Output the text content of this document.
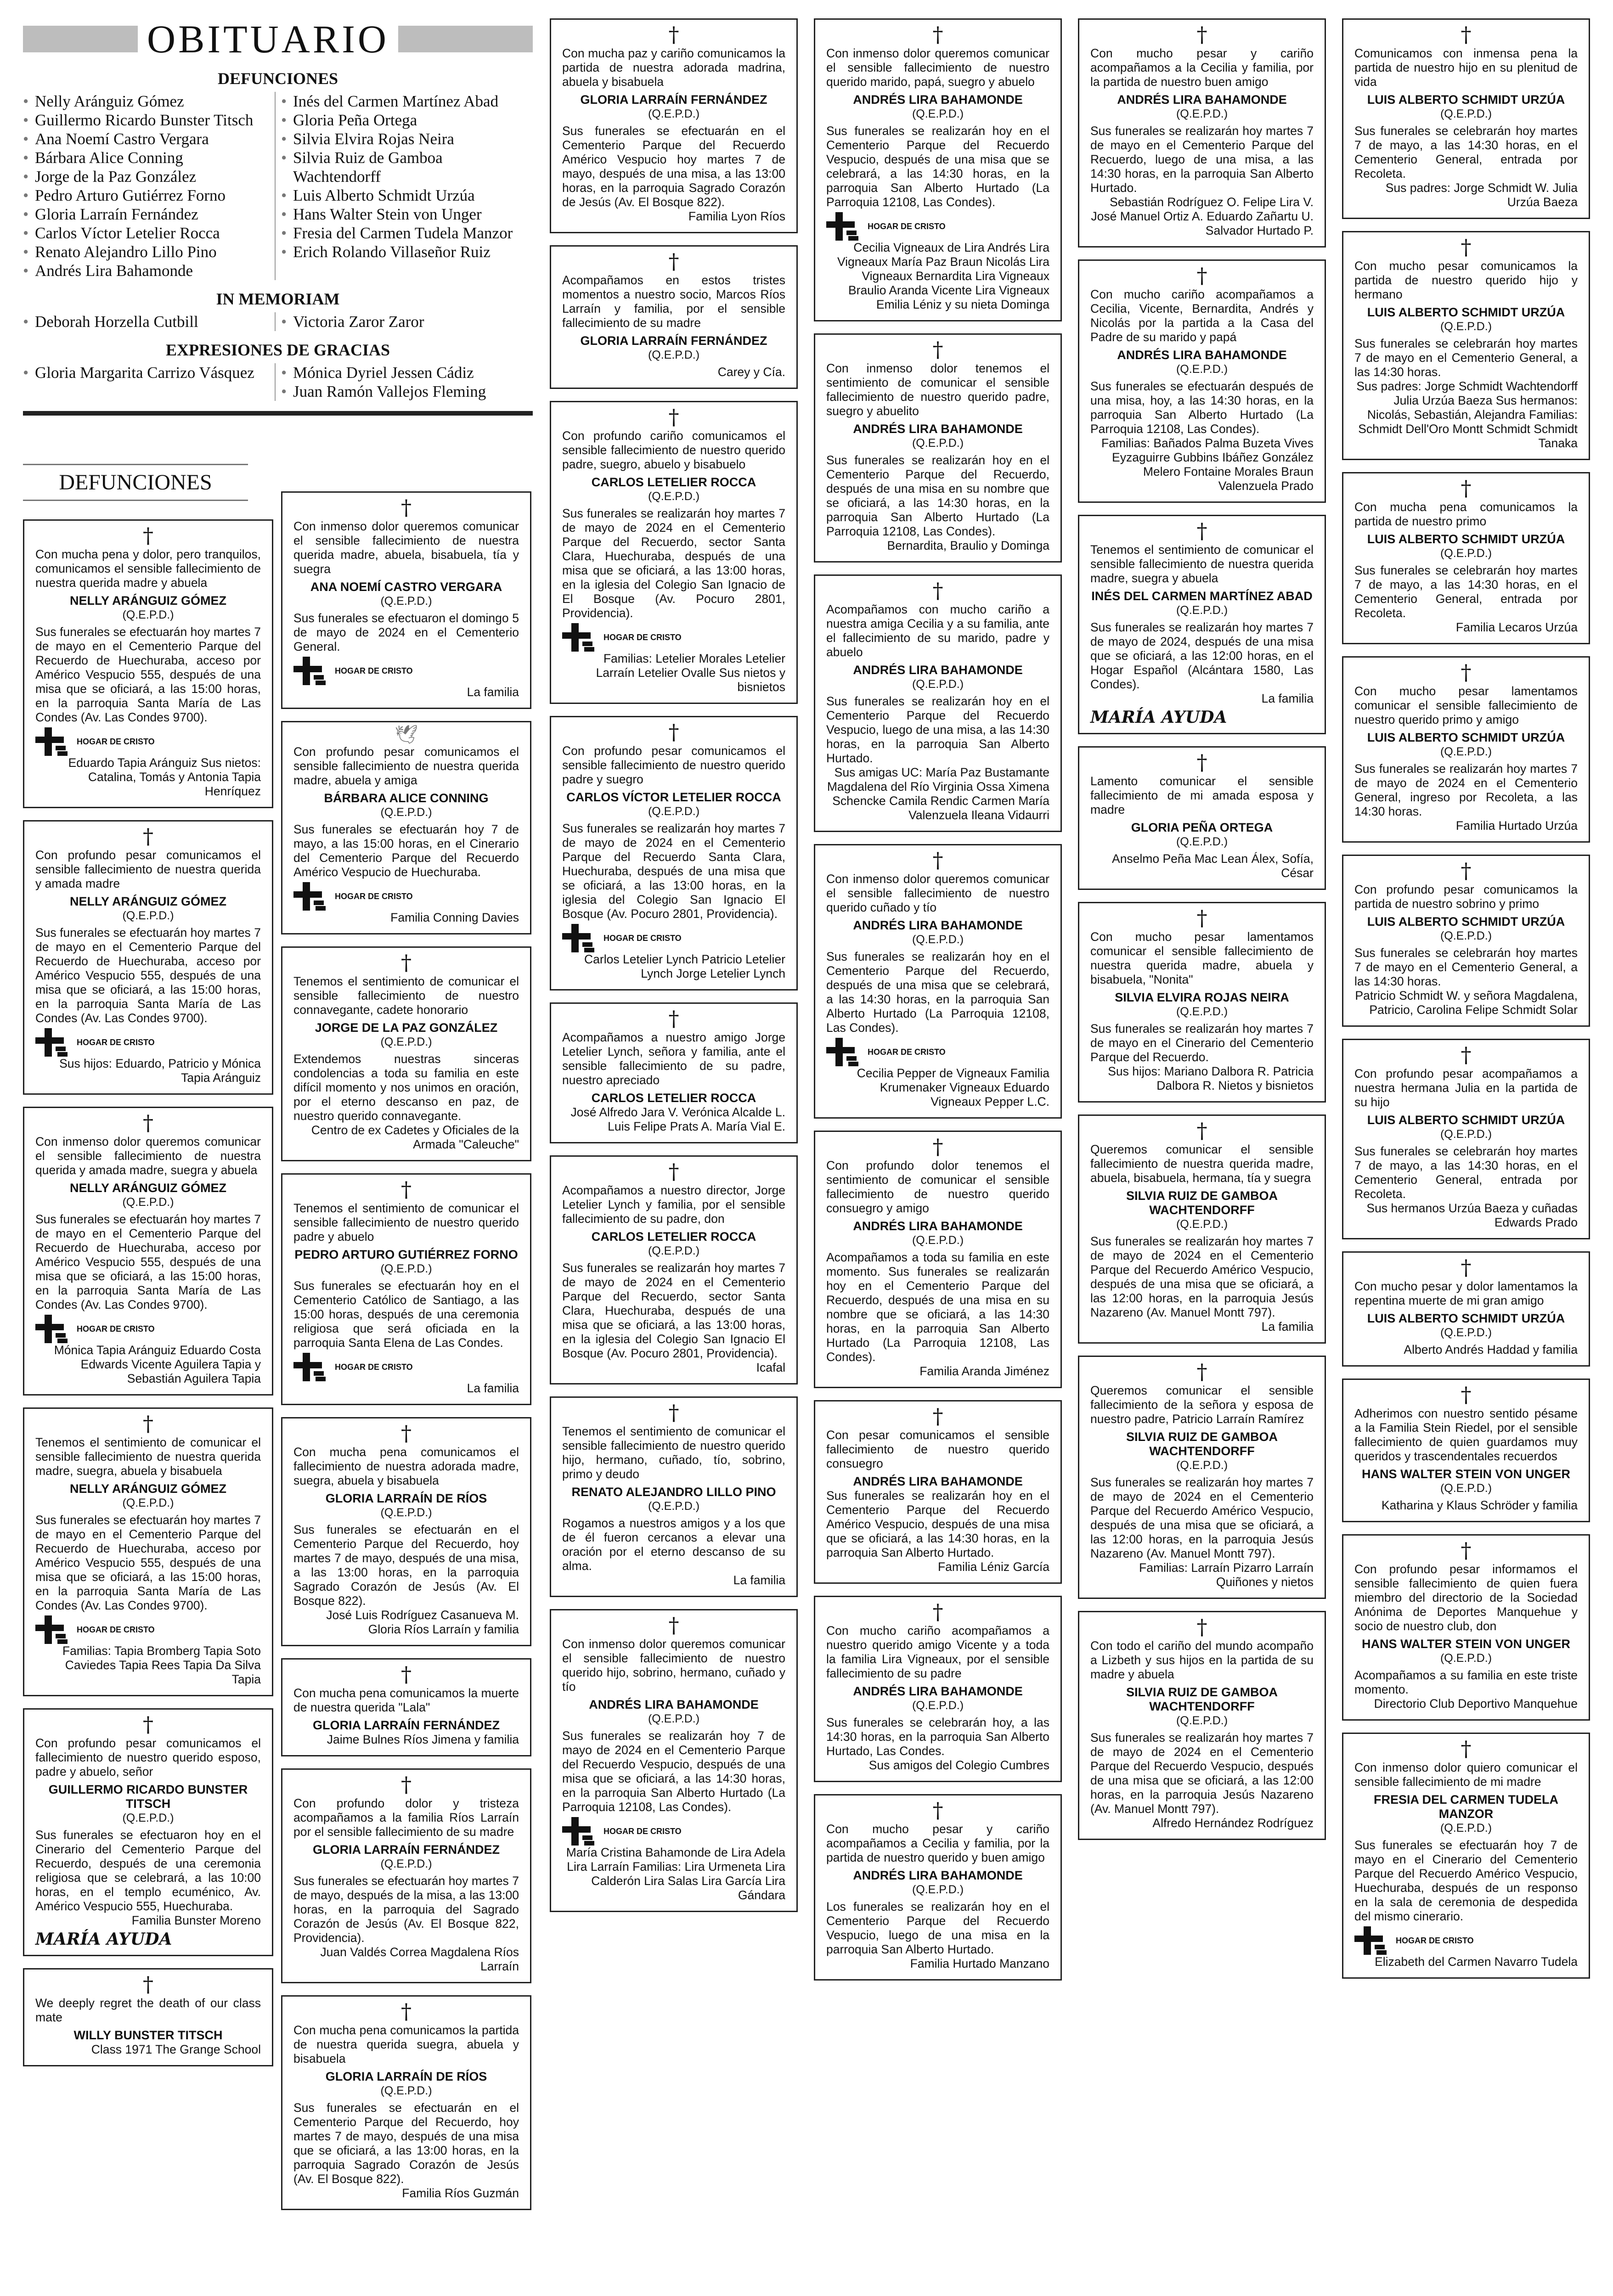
OBITUARIO
DEFUNCIONES
• Nelly Aránguiz Gómez
• Guillermo Ricardo Bunster Titsch
• Ana Noemí Castro Vergara
• Bárbara Alice Conning
• Jorge de la Paz González
• Pedro Arturo Gutiérrez Forno
• Gloria Larraín Fernández
• Carlos Víctor Letelier Rocca
• Renato Alejandro Lillo Pino
• Andrés Lira Bahamonde
• Inés del Carmen Martínez Abad
• Gloria Peña Ortega
• Silvia Elvira Rojas Neira
• Silvia Ruiz de Gamboa Wachtendorff
• Luis Alberto Schmidt Urzúa
• Hans Walter Stein von Unger
• Fresia del Carmen Tudela Manzor
• Erich Rolando Villaseñor Ruiz
IN MEMORIAM
• Deborah Horzella Cutbill	• Victoria Zaror Zaror
EXPRESIONES DE GRACIAS
• Gloria Margarita Carrizo Vásquez	• Mónica Dyriel Jessen Cádiz
• Juan Ramón Vallejos Fleming
DEFUNCIONES
†
Con mucha pena y dolor, pero tranquilos, comunicamos el sensible fallecimiento de nuestra querida madre y abuela
NELLY ARÁNGUIZ GÓMEZ
(Q.E.P.D.)
Sus funerales se efectuarán hoy martes 7 de mayo en el Cementerio Parque del Recuerdo de Huechuraba, acceso por Américo Vespucio 555, después de una misa que se oficiará, a las 15:00 horas, en la parroquia Santa María de Las Condes (Av. Las Condes 9700).
HOGAR DE CRISTO
Eduardo Tapia Aránguiz Sus nietos: Catalina, Tomás y Antonia Tapia Henríquez
†
Con profundo pesar comunicamos el sensible fallecimiento de nuestra querida y amada madre
NELLY ARÁNGUIZ GÓMEZ
(Q.E.P.D.)
Sus funerales se efectuarán hoy martes 7 de mayo en el Cementerio Parque del Recuerdo de Huechuraba, acceso por Américo Vespucio 555, después de una misa que se oficiará, a las 15:00 horas, en la parroquia Santa María de Las Condes (Av. Las Condes 9700).
HOGAR DE CRISTO
Sus hijos: Eduardo, Patricio y Mónica Tapia Aránguiz
†
Con inmenso dolor queremos comunicar el sensible fallecimiento de nuestra querida y amada madre, suegra y abuela
NELLY ARÁNGUIZ GÓMEZ
(Q.E.P.D.)
Sus funerales se efectuarán hoy martes 7 de mayo en el Cementerio Parque del Recuerdo de Huechuraba, acceso por Américo Vespucio 555, después de una misa que se oficiará, a las 15:00 horas, en la parroquia Santa María de Las Condes (Av. Las Condes 9700).
HOGAR DE CRISTO
Mónica Tapia Aránguiz Eduardo Costa Edwards Vicente Aguilera Tapia y Sebastián Aguilera Tapia
†
Tenemos el sentimiento de comunicar el sensible fallecimiento de nuestra querida madre, suegra, abuela y bisabuela
NELLY ARÁNGUIZ GÓMEZ
(Q.E.P.D.)
Sus funerales se efectuarán hoy martes 7 de mayo en el Cementerio Parque del Recuerdo de Huechuraba, acceso por Américo Vespucio 555, después de una misa que se oficiará, a las 15:00 horas, en la parroquia Santa María de Las Condes (Av. Las Condes 9700).
HOGAR DE CRISTO
Familias: Tapia Bromberg Tapia Soto Caviedes Tapia Rees Tapia Da Silva Tapia
†
Con profundo pesar comunicamos el fallecimiento de nuestro querido esposo, padre y abuelo, señor
GUILLERMO RICARDO BUNSTER TITSCH
(Q.E.P.D.)
Sus funerales se efectuaron hoy en el Cinerario del Cementerio Parque del Recuerdo, después de una ceremonia religiosa que se celebrará, a las 10:00 horas, en el templo ecuménico, Av. Américo Vespucio 555, Huechuraba.
Familia Bunster Moreno
MARÍA AYUDA
†
We deeply regret the death of our class mate
WILLY BUNSTER TITSCH
Class 1971 The Grange School
†
Con inmenso dolor queremos comunicar el sensible fallecimiento de nuestra querida madre, abuela, bisabuela, tía y suegra
ANA NOEMÍ CASTRO VERGARA
(Q.E.P.D.)
Sus funerales se efectuaron el domingo 5 de mayo de 2024 en el Cementerio General.
HOGAR DE CRISTO
La familia
🕊
Con profundo pesar comunicamos el sensible fallecimiento de nuestra querida madre, abuela y amiga
BÁRBARA ALICE CONNING
(Q.E.P.D.)
Sus funerales se efectuarán hoy 7 de mayo, a las 15:00 horas, en el Cinerario del Cementerio Parque del Recuerdo Américo Vespucio de Huechuraba.
HOGAR DE CRISTO
Familia Conning Davies
†
Tenemos el sentimiento de comunicar el sensible fallecimiento de nuestro connavegante, cadete honorario
JORGE DE LA PAZ GONZÁLEZ
(Q.E.P.D.)
Extendemos nuestras sinceras condolencias a toda su familia en este difícil momento y nos unimos en oración, por el eterno descanso en paz, de nuestro querido connavegante.
Centro de ex Cadetes y Oficiales de la Armada "Caleuche"
†
Tenemos el sentimiento de comunicar el sensible fallecimiento de nuestro querido padre y abuelo
PEDRO ARTURO GUTIÉRREZ FORNO
(Q.E.P.D.)
Sus funerales se efectuarán hoy en el Cementerio Católico de Santiago, a las 15:00 horas, después de una ceremonia religiosa que será oficiada en la parroquia Santa Elena de Las Condes.
HOGAR DE CRISTO
La familia
†
Con mucha pena comunicamos el fallecimiento de nuestra adorada madre, suegra, abuela y bisabuela
GLORIA LARRAÍN DE RÍOS
(Q.E.P.D.)
Sus funerales se efectuarán en el Cementerio Parque del Recuerdo, hoy martes 7 de mayo, después de una misa, a las 13:00 horas, en la parroquia Sagrado Corazón de Jesús (Av. El Bosque 822).
José Luis Rodríguez Casanueva M. Gloria Ríos Larraín y familia
†
Con mucha pena comunicamos la muerte de nuestra querida "Lala"
GLORIA LARRAÍN FERNÁNDEZ
Jaime Bulnes Ríos Jimena y familia
†
Con profundo dolor y tristeza acompañamos a la familia Ríos Larraín por el sensible fallecimiento de su madre
GLORIA LARRAÍN FERNÁNDEZ
(Q.E.P.D.)
Sus funerales se efectuarán hoy martes 7 de mayo, después de la misa, a las 13:00 horas, en la parroquia del Sagrado Corazón de Jesús (Av. El Bosque 822, Providencia).
Juan Valdés Correa Magdalena Ríos Larraín
†
Con mucha pena comunicamos la partida de nuestra querida suegra, abuela y bisabuela
GLORIA LARRAÍN DE RÍOS
(Q.E.P.D.)
Sus funerales se efectuarán en el Cementerio Parque del Recuerdo, hoy martes 7 de mayo, después de una misa que se oficiará, a las 13:00 horas, en la parroquia Sagrado Corazón de Jesús (Av. El Bosque 822).
Familia Ríos Guzmán
†
Con mucha paz y cariño comunicamos la partida de nuestra adorada madrina, abuela y bisabuela
GLORIA LARRAÍN FERNÁNDEZ
(Q.E.P.D.)
Sus funerales se efectuarán en el Cementerio Parque del Recuerdo Américo Vespucio hoy martes 7 de mayo, después de una misa, a las 13:00 horas, en la parroquia Sagrado Corazón de Jesús (Av. El Bosque 822).
Familia Lyon Ríos
†
Acompañamos en estos tristes momentos a nuestro socio, Marcos Ríos Larraín y familia, por el sensible fallecimiento de su madre
GLORIA LARRAÍN FERNÁNDEZ
(Q.E.P.D.)
Carey y Cía.
†
Con profundo cariño comunicamos el sensible fallecimiento de nuestro querido padre, suegro, abuelo y bisabuelo
CARLOS LETELIER ROCCA
(Q.E.P.D.)
Sus funerales se realizarán hoy martes 7 de mayo de 2024 en el Cementerio Parque del Recuerdo, sector Santa Clara, Huechuraba, después de una misa que se oficiará, a las 13:00 horas, en la iglesia del Colegio San Ignacio de El Bosque (Av. Pocuro 2801, Providencia).
HOGAR DE CRISTO
Familias: Letelier Morales Letelier Larraín Letelier Ovalle Sus nietos y bisnietos
†
Con profundo pesar comunicamos el sensible fallecimiento de nuestro querido padre y suegro
CARLOS VÍCTOR LETELIER ROCCA
(Q.E.P.D.)
Sus funerales se realizarán hoy martes 7 de mayo de 2024 en el Cementerio Parque del Recuerdo Santa Clara, Huechuraba, después de una misa que se oficiará, a las 13:00 horas, en la iglesia del Colegio San Ignacio El Bosque (Av. Pocuro 2801, Providencia).
HOGAR DE CRISTO
Carlos Letelier Lynch Patricio Letelier Lynch Jorge Letelier Lynch
†
Acompañamos a nuestro amigo Jorge Letelier Lynch, señora y familia, ante el sensible fallecimiento de su padre, nuestro apreciado
CARLOS LETELIER ROCCA
José Alfredo Jara V. Verónica Alcalde L. Luis Felipe Prats A. María Vial E.
†
Acompañamos a nuestro director, Jorge Letelier Lynch y familia, por el sensible fallecimiento de su padre, don
CARLOS LETELIER ROCCA
(Q.E.P.D.)
Sus funerales se realizarán hoy martes 7 de mayo de 2024 en el Cementerio Parque del Recuerdo, sector Santa Clara, Huechuraba, después de una misa que se oficiará, a las 13:00 horas, en la iglesia del Colegio San Ignacio El Bosque (Av. Pocuro 2801, Providencia).
Icafal
†
Tenemos el sentimiento de comunicar el sensible fallecimiento de nuestro querido hijo, hermano, cuñado, tío, sobrino, primo y deudo
RENATO ALEJANDRO LILLO PINO
(Q.E.P.D.)
Rogamos a nuestros amigos y a los que de él fueron cercanos a elevar una oración por el eterno descanso de su alma.
La familia
†
Con inmenso dolor queremos comunicar el sensible fallecimiento de nuestro querido hijo, sobrino, hermano, cuñado y tío
ANDRÉS LIRA BAHAMONDE
(Q.E.P.D.)
Sus funerales se realizarán hoy 7 de mayo de 2024 en el Cementerio Parque del Recuerdo Vespucio, después de una misa que se oficiará, a las 14:30 horas, en la parroquia San Alberto Hurtado (La Parroquia 12108, Las Condes).
HOGAR DE CRISTO
María Cristina Bahamonde de Lira Adela Lira Larraín Familias: Lira Urmeneta Lira Calderón Lira Salas Lira García Lira Gándara
†
Con inmenso dolor queremos comunicar el sensible fallecimiento de nuestro querido marido, papá, suegro y abuelo
ANDRÉS LIRA BAHAMONDE
(Q.E.P.D.)
Sus funerales se realizarán hoy en el Cementerio Parque del Recuerdo Vespucio, después de una misa que se celebrará, a las 14:30 horas, en la parroquia San Alberto Hurtado (La Parroquia 12108, Las Condes).
HOGAR DE CRISTO
Cecilia Vigneaux de Lira Andrés Lira Vigneaux María Paz Braun Nicolás Lira Vigneaux Bernardita Lira Vigneaux Braulio Aranda Vicente Lira Vigneaux Emilia Léniz y su nieta Dominga
†
Con inmenso dolor tenemos el sentimiento de comunicar el sensible fallecimiento de nuestro querido padre, suegro y abuelito
ANDRÉS LIRA BAHAMONDE
(Q.E.P.D.)
Sus funerales se realizarán hoy en el Cementerio Parque del Recuerdo, después de una misa en su nombre que se oficiará, a las 14:30 horas, en la parroquia San Alberto Hurtado (La Parroquia 12108, Las Condes).
Bernardita, Braulio y Dominga
†
Acompañamos con mucho cariño a nuestra amiga Cecilia y a su familia, ante el fallecimiento de su marido, padre y abuelo
ANDRÉS LIRA BAHAMONDE
(Q.E.P.D.)
Sus funerales se realizarán hoy en el Cementerio Parque del Recuerdo Vespucio, luego de una misa, a las 14:30 horas, en la parroquia San Alberto Hurtado.
Sus amigas UC: María Paz Bustamante Magdalena del Río Virginia Ossa Ximena Schencke Camila Rendic Carmen María Valenzuela Ileana Vidaurri
†
Con inmenso dolor queremos comunicar el sensible fallecimiento de nuestro querido cuñado y tío
ANDRÉS LIRA BAHAMONDE
(Q.E.P.D.)
Sus funerales se realizarán hoy en el Cementerio Parque del Recuerdo, después de una misa que se celebrará, a las 14:30 horas, en la parroquia San Alberto Hurtado (La Parroquia 12108, Las Condes).
HOGAR DE CRISTO
Cecilia Pepper de Vigneaux Familia Krumenaker Vigneaux Eduardo Vigneaux Pepper L.C.
†
Con profundo dolor tenemos el sentimiento de comunicar el sensible fallecimiento de nuestro querido consuegro y amigo
ANDRÉS LIRA BAHAMONDE
(Q.E.P.D.)
Acompañamos a toda su familia en este momento. Sus funerales se realizarán hoy en el Cementerio Parque del Recuerdo, después de una misa en su nombre que se oficiará, a las 14:30 horas, en la parroquia San Alberto Hurtado (La Parroquia 12108, Las Condes).
Familia Aranda Jiménez
†
Con pesar comunicamos el sensible fallecimiento de nuestro querido consuegro
ANDRÉS LIRA BAHAMONDE
Sus funerales se realizarán hoy en el Cementerio Parque del Recuerdo Américo Vespucio, después de una misa que se oficiará, a las 14:30 horas, en la parroquia San Alberto Hurtado.
Familia Léniz García
†
Con mucho cariño acompañamos a nuestro querido amigo Vicente y a toda la familia Lira Vigneaux, por el sensible fallecimiento de su padre
ANDRÉS LIRA BAHAMONDE
(Q.E.P.D.)
Sus funerales se celebrarán hoy, a las 14:30 horas, en la parroquia San Alberto Hurtado, Las Condes.
Sus amigos del Colegio Cumbres
†
Con mucho pesar y cariño acompañamos a Cecilia y familia, por la partida de nuestro querido y buen amigo
ANDRÉS LIRA BAHAMONDE
(Q.E.P.D.)
Los funerales se realizarán hoy en el Cementerio Parque del Recuerdo Vespucio, luego de una misa en la parroquia San Alberto Hurtado.
Familia Hurtado Manzano
†
Con mucho pesar y cariño acompañamos a la Cecilia y familia, por la partida de nuestro buen amigo
ANDRÉS LIRA BAHAMONDE
(Q.E.P.D.)
Sus funerales se realizarán hoy martes 7 de mayo en el Cementerio Parque del Recuerdo, luego de una misa, a las 14:30 horas, en la parroquia San Alberto Hurtado.
Sebastián Rodríguez O. Felipe Lira V. José Manuel Ortiz A. Eduardo Zañartu U. Salvador Hurtado P.
†
Con mucho cariño acompañamos a Cecilia, Vicente, Bernardita, Andrés y Nicolás por la partida a la Casa del Padre de su marido y papá
ANDRÉS LIRA BAHAMONDE
(Q.E.P.D.)
Sus funerales se efectuarán después de una misa, hoy, a las 14:30 horas, en la parroquia San Alberto Hurtado (La Parroquia 12108, Las Condes).
Familias: Bañados Palma Buzeta Vives Eyzaguirre Gubbins Ibáñez González Melero Fontaine Morales Braun Valenzuela Prado
†
Tenemos el sentimiento de comunicar el sensible fallecimiento de nuestra querida madre, suegra y abuela
INÉS DEL CARMEN MARTÍNEZ ABAD
(Q.E.P.D.)
Sus funerales se realizarán hoy martes 7 de mayo de 2024, después de una misa que se oficiará, a las 12:00 horas, en el Hogar Español (Alcántara 1580, Las Condes).
La familia
MARÍA AYUDA
†
Lamento comunicar el sensible fallecimiento de mi amada esposa y madre
GLORIA PEÑA ORTEGA
(Q.E.P.D.)
Anselmo Peña Mac Lean Álex, Sofía, César
†
Con mucho pesar lamentamos comunicar el sensible fallecimiento de nuestra querida madre, abuela y bisabuela, "Nonita"
SILVIA ELVIRA ROJAS NEIRA
(Q.E.P.D.)
Sus funerales se realizarán hoy martes 7 de mayo en el Cinerario del Cementerio Parque del Recuerdo.
Sus hijos: Mariano Dalbora R. Patricia Dalbora R. Nietos y bisnietos
†
Queremos comunicar el sensible fallecimiento de nuestra querida madre, abuela, bisabuela, hermana, tía y suegra
SILVIA RUIZ DE GAMBOA WACHTENDORFF
(Q.E.P.D.)
Sus funerales se realizarán hoy martes 7 de mayo de 2024 en el Cementerio Parque del Recuerdo Américo Vespucio, después de una misa que se oficiará, a las 12:00 horas, en la parroquia Jesús Nazareno (Av. Manuel Montt 797).
La familia
†
Queremos comunicar el sensible fallecimiento de la señora y esposa de nuestro padre, Patricio Larraín Ramírez
SILVIA RUIZ DE GAMBOA WACHTENDORFF
(Q.E.P.D.)
Sus funerales se realizarán hoy martes 7 de mayo de 2024 en el Cementerio Parque del Recuerdo Américo Vespucio, después de una misa que se oficiará, a las 12:00 horas, en la parroquia Jesús Nazareno (Av. Manuel Montt 797).
Familias: Larraín Pizarro Larraín Quiñones y nietos
†
Con todo el cariño del mundo acompaño a Lizbeth y sus hijos en la partida de su madre y abuela
SILVIA RUIZ DE GAMBOA WACHTENDORFF
(Q.E.P.D.)
Sus funerales se realizarán hoy martes 7 de mayo de 2024 en el Cementerio Parque del Recuerdo Vespucio, después de una misa que se oficiará, a las 12:00 horas, en la parroquia Jesús Nazareno (Av. Manuel Montt 797).
Alfredo Hernández Rodríguez
†
Comunicamos con inmensa pena la partida de nuestro hijo en su plenitud de vida
LUIS ALBERTO SCHMIDT URZÚA
(Q.E.P.D.)
Sus funerales se celebrarán hoy martes 7 de mayo, a las 14:30 horas, en el Cementerio General, entrada por Recoleta.
Sus padres: Jorge Schmidt W. Julia Urzúa Baeza
†
Con mucho pesar comunicamos la partida de nuestro querido hijo y hermano
LUIS ALBERTO SCHMIDT URZÚA
(Q.E.P.D.)
Sus funerales se celebrarán hoy martes 7 de mayo en el Cementerio General, a las 14:30 horas.
Sus padres: Jorge Schmidt Wachtendorff Julia Urzúa Baeza Sus hermanos: Nicolás, Sebastián, Alejandra Familias: Schmidt Dell'Oro Montt Schmidt Schmidt Tanaka
†
Con mucha pena comunicamos la partida de nuestro primo
LUIS ALBERTO SCHMIDT URZÚA
(Q.E.P.D.)
Sus funerales se celebrarán hoy martes 7 de mayo, a las 14:30 horas, en el Cementerio General, entrada por Recoleta.
Familia Lecaros Urzúa
†
Con mucho pesar lamentamos comunicar el sensible fallecimiento de nuestro querido primo y amigo
LUIS ALBERTO SCHMIDT URZÚA
(Q.E.P.D.)
Sus funerales se realizarán hoy martes 7 de mayo de 2024 en el Cementerio General, ingreso por Recoleta, a las 14:30 horas.
Familia Hurtado Urzúa
†
Con profundo pesar comunicamos la partida de nuestro sobrino y primo
LUIS ALBERTO SCHMIDT URZÚA
(Q.E.P.D.)
Sus funerales se celebrarán hoy martes 7 de mayo en el Cementerio General, a las 14:30 horas.
Patricio Schmidt W. y señora Magdalena, Patricio, Carolina Felipe Schmidt Solar
†
Con profundo pesar acompañamos a nuestra hermana Julia en la partida de su hijo
LUIS ALBERTO SCHMIDT URZÚA
(Q.E.P.D.)
Sus funerales se celebrarán hoy martes 7 de mayo, a las 14:30 horas, en el Cementerio General, entrada por Recoleta.
Sus hermanos Urzúa Baeza y cuñadas Edwards Prado
†
Con mucho pesar y dolor lamentamos la repentina muerte de mi gran amigo
LUIS ALBERTO SCHMIDT URZÚA
(Q.E.P.D.)
Alberto Andrés Haddad y familia
†
Adherimos con nuestro sentido pésame a la Familia Stein Riedel, por el sensible fallecimiento de quien guardamos muy queridos y trascendentales recuerdos
HANS WALTER STEIN VON UNGER
(Q.E.P.D.)
Katharina y Klaus Schröder y familia
†
Con profundo pesar informamos el sensible fallecimiento de quien fuera miembro del directorio de la Sociedad Anónima de Deportes Manquehue y socio de nuestro club, don
HANS WALTER STEIN VON UNGER
(Q.E.P.D.)
Acompañamos a su familia en este triste momento.
Directorio Club Deportivo Manquehue
†
Con inmenso dolor quiero comunicar el sensible fallecimiento de mi madre
FRESIA DEL CARMEN TUDELA MANZOR
(Q.E.P.D.)
Sus funerales se efectuarán hoy 7 de mayo en el Cinerario del Cementerio Parque del Recuerdo Américo Vespucio, Huechuraba, después de un responso en la sala de ceremonia de despedida del mismo cinerario.
HOGAR DE CRISTO
Elizabeth del Carmen Navarro Tudela
